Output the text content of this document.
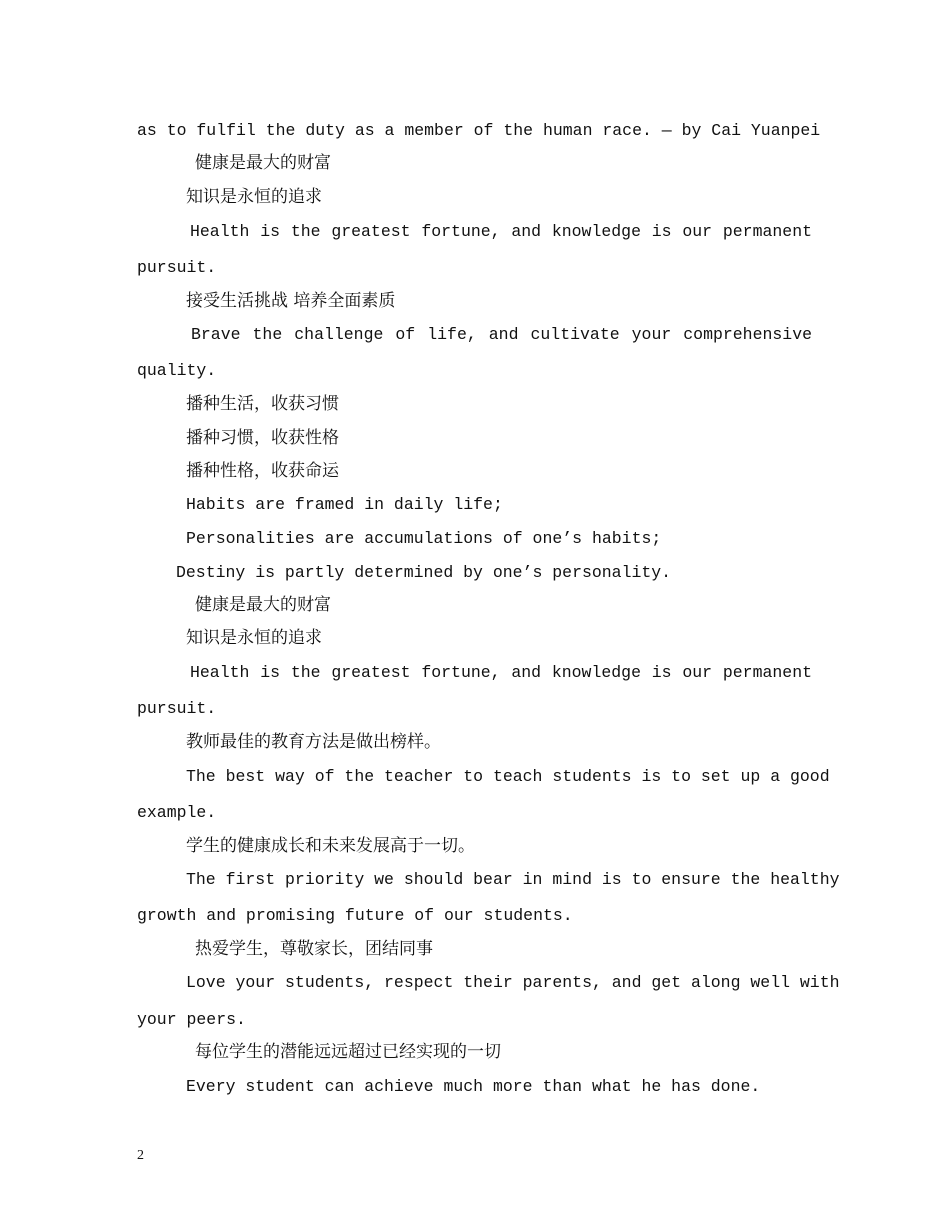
as to fulfil the duty as a member of the human race. — by Cai Yuanpei
健康是最大的财富
知识是永恒的追求
Health is the greatest fortune, and knowledge is our permanent
pursuit.
接受生活挑战 培养全面素质
Brave the challenge of life, and cultivate your comprehensive
quality.
播种生活，收获习惯
播种习惯，收获性格
播种性格，收获命运
Habits are framed in daily life;
Personalities are accumulations of one’s habits;
Destiny is partly determined by one’s personality.
健康是最大的财富
知识是永恒的追求
Health is the greatest fortune, and knowledge is our permanent
pursuit.
教师最佳的教育方法是做出榜样。
The best way of the teacher to teach students is to set up a good
example.
学生的健康成长和未来发展高于一切。
The first priority we should bear in mind is to ensure the healthy
growth and promising future of our students.
热爱学生，尊敬家长，团结同事
Love your students, respect their parents, and get along well with
your peers.
每位学生的潜能远远超过已经实现的一切
Every student can achieve much more than what he has done.
2
